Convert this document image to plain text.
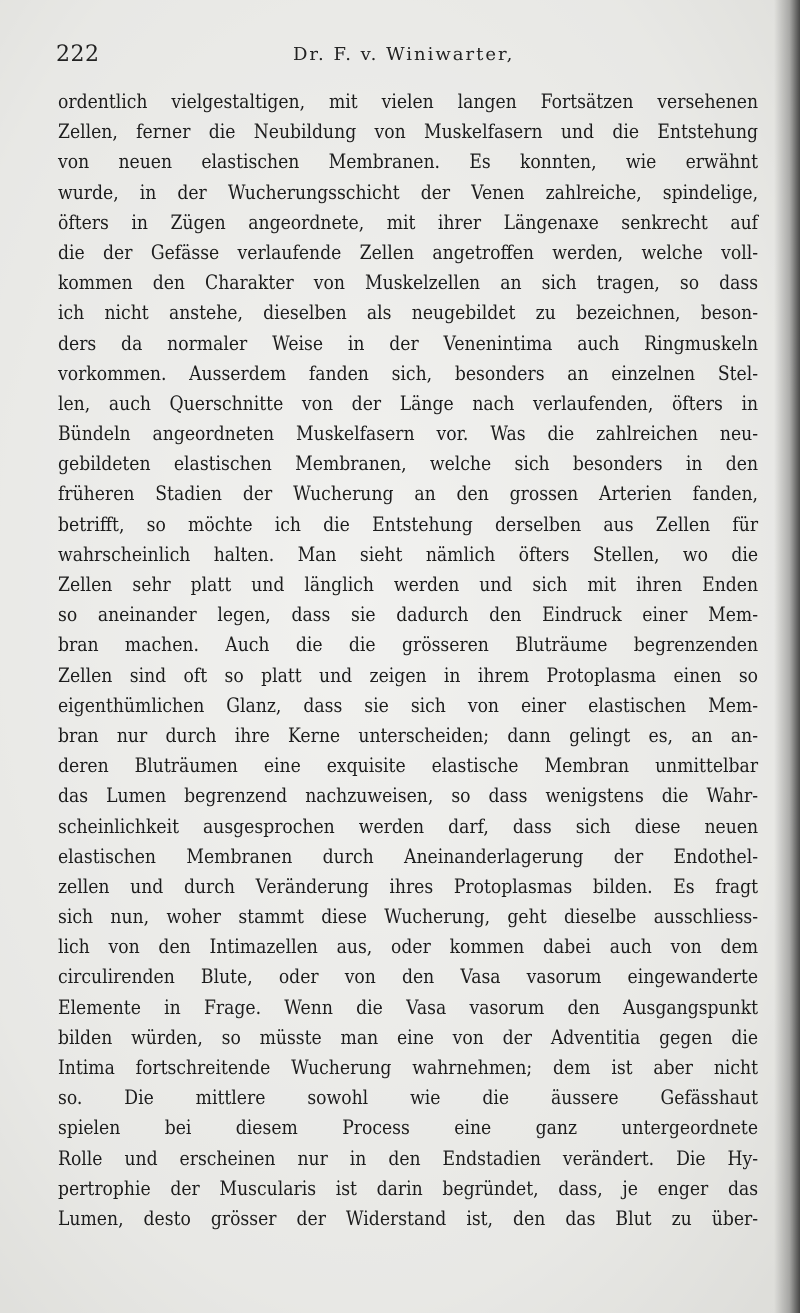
222	Dr. F. v. Winiwarter,
ordentlich vielgestaltigen, mit vielen langen Fortsätzen versehenen
Zellen, ferner die Neubildung von Muskelfasern und die Entstehung
von neuen elastischen Membranen. Es konnten, wie erwähnt
wurde, in der Wucherungsschicht der Venen zahlreiche, spindelige,
öfters in Zügen angeordnete, mit ihrer Längenaxe senkrecht auf
die der Gefässe verlaufende Zellen angetroffen werden, welche voll-
kommen den Charakter von Muskelzellen an sich tragen, so dass
ich nicht anstehe, dieselben als neugebildet zu bezeichnen, beson-
ders da normaler Weise in der Venenintima auch Ringmuskeln
vorkommen. Ausserdem fanden sich, besonders an einzelnen Stel-
len, auch Querschnitte von der Länge nach verlaufenden, öfters in
Bündeln angeordneten Muskelfasern vor. Was die zahlreichen neu-
gebildeten elastischen Membranen, welche sich besonders in den
früheren Stadien der Wucherung an den grossen Arterien fanden,
betrifft, so möchte ich die Entstehung derselben aus Zellen für
wahrscheinlich halten. Man sieht nämlich öfters Stellen, wo die
Zellen sehr platt und länglich werden und sich mit ihren Enden
so aneinander legen, dass sie dadurch den Eindruck einer Mem-
bran machen. Auch die die grösseren Bluträume begrenzenden
Zellen sind oft so platt und zeigen in ihrem Protoplasma einen so
eigenthümlichen Glanz, dass sie sich von einer elastischen Mem-
bran nur durch ihre Kerne unterscheiden; dann gelingt es, an an-
deren Bluträumen eine exquisite elastische Membran unmittelbar
das Lumen begrenzend nachzuweisen, so dass wenigstens die Wahr-
scheinlichkeit ausgesprochen werden darf, dass sich diese neuen
elastischen Membranen durch Aneinanderlagerung der Endothel-
zellen und durch Veränderung ihres Protoplasmas bilden. Es fragt
sich nun, woher stammt diese Wucherung, geht dieselbe ausschliess-
lich von den Intimazellen aus, oder kommen dabei auch von dem
circulirenden Blute, oder von den Vasa vasorum eingewanderte
Elemente in Frage. Wenn die Vasa vasorum den Ausgangspunkt
bilden würden, so müsste man eine von der Adventitia gegen die
Intima fortschreitende Wucherung wahrnehmen; dem ist aber nicht
so. Die mittlere sowohl wie die äussere Gefässhaut
spielen bei diesem Process eine ganz untergeordnete
Rolle und erscheinen nur in den Endstadien verändert. Die Hy-
pertrophie der Muscularis ist darin begründet, dass, je enger das
Lumen, desto grösser der Widerstand ist, den das Blut zu über-
